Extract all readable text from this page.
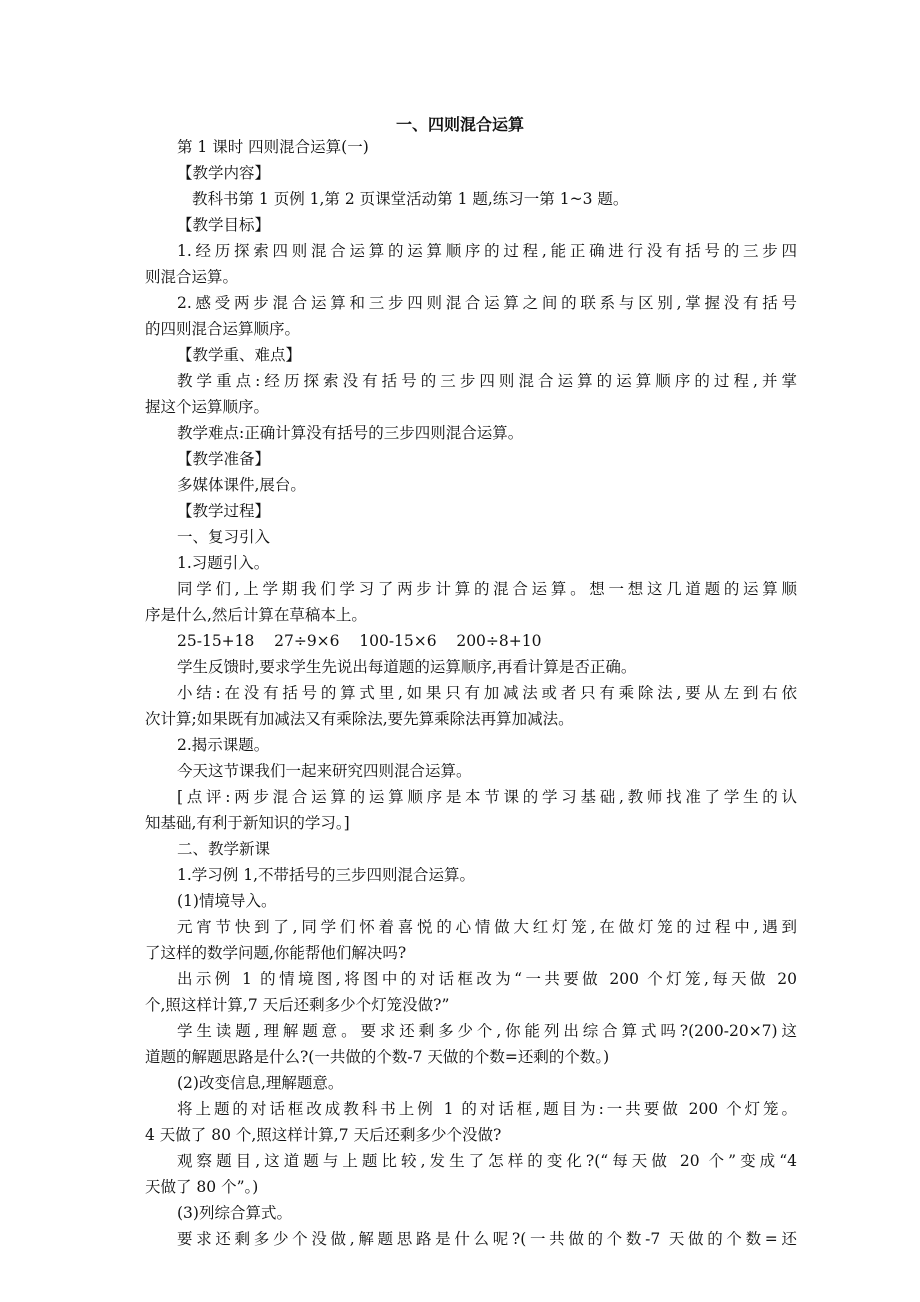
一、四则混合运算
第 1 课时 四则混合运算(一)
【教学内容】
教科书第 1 页例 1,第 2 页课堂活动第 1 题,练习一第 1~3 题。
【教学目标】
1.经历探索四则混合运算的运算顺序的过程,能正确进行没有括号的三步四
则混合运算。
2.感受两步混合运算和三步四则混合运算之间的联系与区别,掌握没有括号
的四则混合运算顺序。
【教学重、难点】
教学重点:经历探索没有括号的三步四则混合运算的运算顺序的过程,并掌
握这个运算顺序。
教学难点:正确计算没有括号的三步四则混合运算。
【教学准备】
多媒体课件,展台。
【教学过程】
一、复习引入
1.习题引入。
同学们,上学期我们学习了两步计算的混合运算。想一想这几道题的运算顺
序是什么,然后计算在草稿本上。
25-15+18    27÷9×6    100-15×6    200÷8+10
学生反馈时,要求学生先说出每道题的运算顺序,再看计算是否正确。
小结:在没有括号的算式里,如果只有加减法或者只有乘除法,要从左到右依
次计算;如果既有加减法又有乘除法,要先算乘除法再算加减法。
2.揭示课题。
今天这节课我们一起来研究四则混合运算。
[点评:两步混合运算的运算顺序是本节课的学习基础,教师找准了学生的认
知基础,有利于新知识的学习。]
二、教学新课
1.学习例 1,不带括号的三步四则混合运算。
(1)情境导入。
元宵节快到了,同学们怀着喜悦的心情做大红灯笼,在做灯笼的过程中,遇到
了这样的数学问题,你能帮他们解决吗?
出示例 1 的情境图,将图中的对话框改为“一共要做 200 个灯笼,每天做 20
个,照这样计算,7 天后还剩多少个灯笼没做?”
学生读题,理解题意。要求还剩多少个,你能列出综合算式吗?(200-20×7)这
道题的解题思路是什么?(一共做的个数-7 天做的个数=还剩的个数。)
(2)改变信息,理解题意。
将上题的对话框改成教科书上例 1 的对话框,题目为:一共要做 200 个灯笼。
4 天做了 80 个,照这样计算,7 天后还剩多少个没做?
观察题目,这道题与上题比较,发生了怎样的变化?(“每天做 20 个”变成“4
天做了 80 个”。)
(3)列综合算式。
要求还剩多少个没做,解题思路是什么呢?(一共做的个数-7 天做的个数=还
